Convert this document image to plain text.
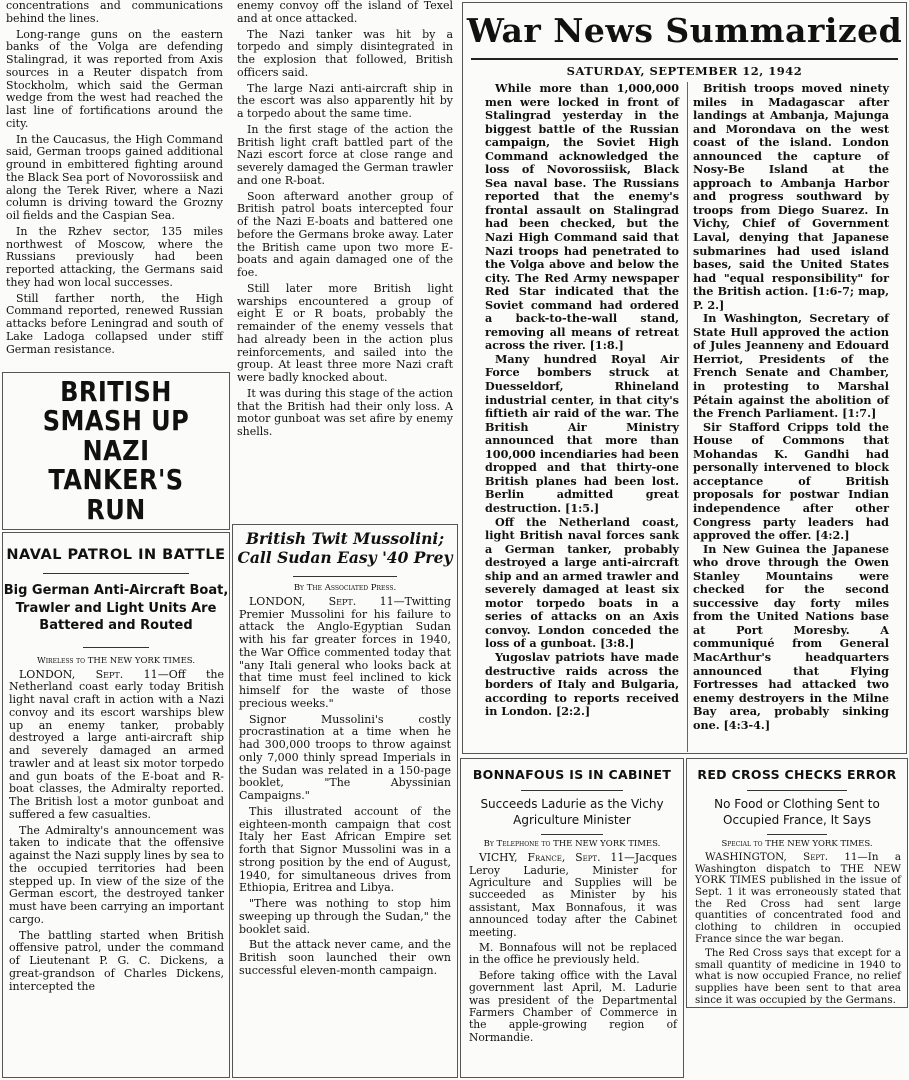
concentrations and communications behind the lines.

Long-range guns on the eastern banks of the Volga are defending Stalingrad, it was reported from Axis sources in a Reuter dispatch from Stockholm, which said the German wedge from the west had reached the last line of fortifications around the city.

In the Caucasus, the High Command said, German troops gained additional ground in embittered fighting around the Black Sea port of Novorossiisk and along the Terek River, where a Nazi column is driving toward the Grozny oil fields and the Caspian Sea.

In the Rzhev sector, 135 miles northwest of Moscow, where the Russians previously had been reported attacking, the Germans said they had won local successes.

Still farther north, the High Command reported, renewed Russian attacks before Leningrad and south of Lake Ladoga collapsed under stiff German resistance.

BRITISH SMASH UP

NAZI TANKER'S RUN

NAVAL PATROL IN BATTLE

Big German Anti-Aircraft Boat,

Trawler and Light Units Are

Battered and Routed

Wireless to THE NEW YORK TIMES.

LONDON, Sept. 11—Off the Netherland coast early today British light naval craft in action with a Nazi convoy and its escort warships blew up an enemy tanker, probably destroyed a large anti-aircraft ship and severely damaged an armed trawler and at least six motor torpedo and gun boats of the E-boat and R-boat classes, the Admiralty reported. The British lost a motor gunboat and suffered a few casualties.

The Admiralty's announcement was taken to indicate that the offensive against the Nazi supply lines by sea to the occupied territories had been stepped up. In view of the size of the German escort, the destroyed tanker must have been carrying an important cargo.

The battling started when British offensive patrol, under the command of Lieutenant P. G. C. Dickens, a great-grandson of Charles Dickens, intercepted the

enemy convoy off the island of Texel and at once attacked.

The Nazi tanker was hit by a torpedo and simply disintegrated in the explosion that followed, British officers said.

The large Nazi anti-aircraft ship in the escort was also apparently hit by a torpedo about the same time.

In the first stage of the action the British light craft battled part of the Nazi escort force at close range and severely damaged the German trawler and one R-boat.

Soon afterward another group of British patrol boats intercepted four of the Nazi E-boats and battered one before the Germans broke away. Later the British came upon two more E-boats and again damaged one of the foe.

Still later more British light warships encountered a group of eight E or R boats, probably the remainder of the enemy vessels that had already been in the action plus reinforcements, and sailed into the group. At least three more Nazi craft were badly knocked about.

It was during this stage of the action that the British had their only loss. A motor gunboat was set afire by enemy shells.

British Twit Mussolini;

Call Sudan Easy '40 Prey

By The Associated Press.

LONDON, Sept. 11—Twitting Premier Mussolini for his failure to attack the Anglo-Egyptian Sudan with his far greater forces in 1940, the War Office commented today that "any Itali general who looks back at that time must feel inclined to kick himself for the waste of those precious weeks."

Signor Mussolini's costly procrastination at a time when he had 300,000 troops to throw against only 7,000 thinly spread Imperials in the Sudan was related in a 150-page booklet, "The Abyssinian Campaigns."

This illustrated account of the eighteen-month campaign that cost Italy her East African Empire set forth that Signor Mussolini was in a strong position by the end of August, 1940, for simultaneous drives from Ethiopia, Eritrea and Libya.

"There was nothing to stop him sweeping up through the Sudan," the booklet said.

But the attack never came, and the British soon launched their own successful eleven-month campaign.

War News Summarized

SATURDAY, SEPTEMBER 12, 1942

While more than 1,000,000 men were locked in front of Stalingrad yesterday in the biggest battle of the Russian campaign, the Soviet High Command acknowledged the loss of Novorossiisk, Black Sea naval base. The Russians reported that the enemy's frontal assault on Stalingrad had been checked, but the Nazi High Command said that Nazi troops had penetrated to the Volga above and below the city. The Red Army newspaper Red Star indicated that the Soviet command had ordered a back-to-the-wall stand, removing all means of retreat across the river. [1:8.]

Many hundred Royal Air Force bombers struck at Duesseldorf, Rhineland industrial center, in that city's fiftieth air raid of the war. The British Air Ministry announced that more than 100,000 incendiaries had been dropped and that thirty-one British planes had been lost. Berlin admitted great destruction. [1:5.]

Off the Netherland coast, light British naval forces sank a German tanker, probably destroyed a large anti-aircraft ship and an armed trawler and severely damaged at least six motor torpedo boats in a series of attacks on an Axis convoy. London conceded the loss of a gunboat. [3:8.]

Yugoslav patriots have made destructive raids across the borders of Italy and Bulgaria, according to reports received in London. [2:2.]

British troops moved ninety miles in Madagascar after landings at Ambanja, Majunga and Morondava on the west coast of the island. London announced the capture of Nosy-Be Island at the approach to Ambanja Harbor and progress southward by troops from Diego Suarez. In Vichy, Chief of Government Laval, denying that Japanese submarines had used island bases, said the United States had "equal responsibility" for the British action. [1:6-7; map, P. 2.]

In Washington, Secretary of State Hull approved the action of Jules Jeanneny and Edouard Herriot, Presidents of the French Senate and Chamber, in protesting to Marshal Pétain against the abolition of the French Parliament. [1:7.]

Sir Stafford Cripps told the House of Commons that Mohandas K. Gandhi had personally intervened to block acceptance of British proposals for postwar Indian independence after other Congress party leaders had approved the offer. [4:2.]

In New Guinea the Japanese who drove through the Owen Stanley Mountains were checked for the second successive day forty miles from the United Nations base at Port Moresby. A communiqué from General MacArthur's headquarters announced that Flying Fortresses had attacked two enemy destroyers in the Milne Bay area, probably sinking one. [4:3-4.]

BONNAFOUS IS IN CABINET

Succeeds Ladurie as the Vichy

Agriculture Minister

By Telephone to THE NEW YORK TIMES.

VICHY, France, Sept. 11—Jacques Leroy Ladurie, Minister for Agriculture and Supplies will be succeeded as Minister by his assistant, Max Bonnafous, it was announced today after the Cabinet meeting.

M. Bonnafous will not be replaced in the office he previously held.

Before taking office with the Laval government last April, M. Ladurie was president of the Departmental Farmers Chamber of Commerce in the apple-growing region of Normandie.

RED CROSS CHECKS ERROR

No Food or Clothing Sent to

Occupied France, It Says

Special to THE NEW YORK TIMES.

WASHINGTON, Sept. 11—In a Washington dispatch to THE NEW YORK TIMES published in the issue of Sept. 1 it was erroneously stated that the Red Cross had sent large quantities of concentrated food and clothing to children in occupied France since the war began.

The Red Cross says that except for a small quantity of medicine in 1940 to what is now occupied France, no relief supplies have been sent to that area since it was occupied by the Germans.
